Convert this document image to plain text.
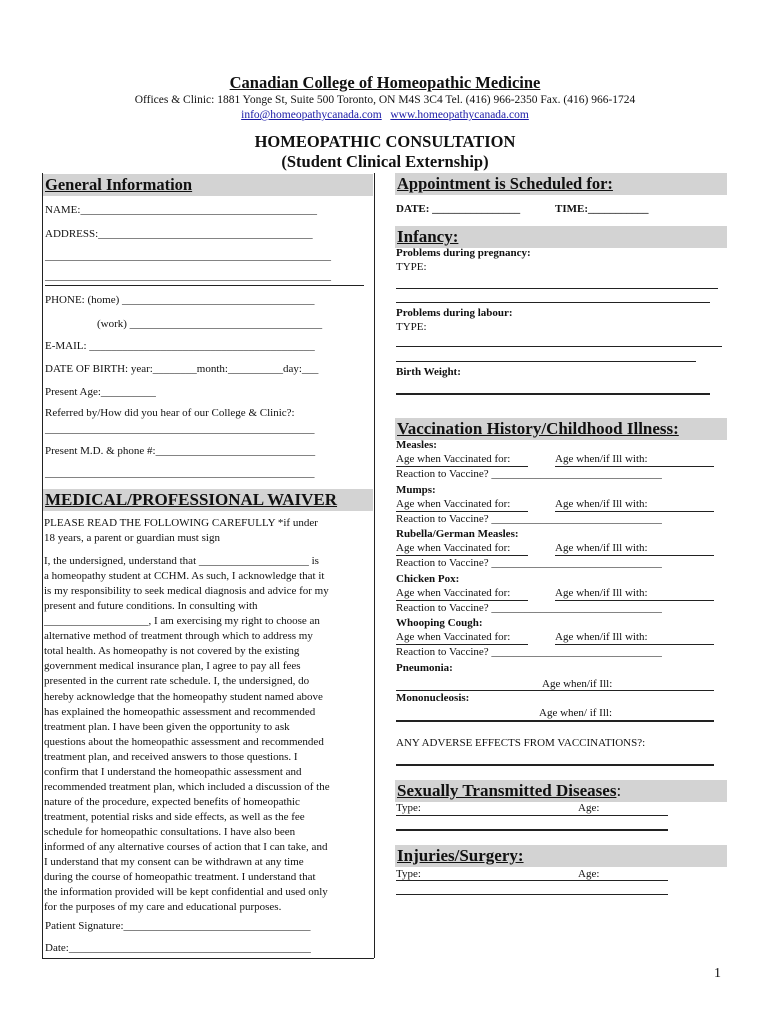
Canadian College of Homeopathic Medicine
Offices & Clinic: 1881 Yonge St, Suite 500 Toronto, ON M4S 3C4 Tel. (416) 966-2350 Fax. (416) 966-1724
info@homeopathycanada.com www.homeopathycanada.com
HOMEOPATHIC CONSULTATION
(Student Clinical Externship)
General Information
NAME:___________________________________________
ADDRESS:_______________________________________
____________________________________________________
____________________________________________________
PHONE: (home) ___________________________________
(work) ___________________________________
E-MAIL: _________________________________________
DATE OF BIRTH: year:________month:__________day:___
Present Age:__________
Referred by/How did you hear of our College & Clinic?:
_________________________________________________
Present M.D. & phone #:_____________________________
_________________________________________________
MEDICAL/PROFESSIONAL WAIVER

PLEASE READ THE FOLLOWING CAREFULLY *if under
18 years, a parent or guardian must sign

I, the undersigned, understand that ____________________ is
a homeopathy student at CCHM. As such, I acknowledge that it
is my responsibility to seek medical diagnosis and advice for my
present and future conditions. In consulting with
___________________, I am exercising my right to choose an
alternative method of treatment through which to address my
total health. As homeopathy is not covered by the existing
government medical insurance plan, I agree to pay all fees
presented in the current rate schedule. I, the undersigned, do
hereby acknowledge that the homeopathy student named above
has explained the homeopathic assessment and recommended
treatment plan. I have been given the opportunity to ask
questions about the homeopathic assessment and recommended
treatment plan, and received answers to those questions. I
confirm that I understand the homeopathic assessment and
recommended treatment plan, which included a discussion of the
nature of the procedure, expected benefits of homeopathic
treatment, potential risks and side effects, as well as the fee
schedule for homeopathic consultations. I have also been
informed of any alternative courses of action that I can take, and
I understand that my consent can be withdrawn at any time
during the course of homeopathic treatment. I understand that
the information provided will be kept confidential and used only
for the purposes of my care and educational purposes.
Patient Signature:__________________________________
Date:____________________________________________
Appointment is Scheduled for:
DATE: ________________	TIME:___________
Infancy:
Problems during pregnancy:
TYPE:
Problems during labour:
TYPE:
Birth Weight:
Vaccination History/Childhood Illness:
Measles:
Age when Vaccinated for:	Age when/if Ill with:
Reaction to Vaccine? _______________________________
Mumps:
Age when Vaccinated for:	Age when/if Ill with:
Reaction to Vaccine? _______________________________
Rubella/German Measles:
Age when Vaccinated for:	Age when/if Ill with:
Reaction to Vaccine? _______________________________
Chicken Pox:
Age when Vaccinated for:	Age when/if Ill with:
Reaction to Vaccine? _______________________________
Whooping Cough:
Age when Vaccinated for:	Age when/if Ill with:
Reaction to Vaccine? _______________________________
Pneumonia:
Age when/if Ill:
Mononucleosis:
Age when/ if Ill:
ANY ADVERSE EFFECTS FROM VACCINATIONS?:
Sexually Transmitted Diseases:
Type:	Age:
Injuries/Surgery:
Type:	Age:
1
